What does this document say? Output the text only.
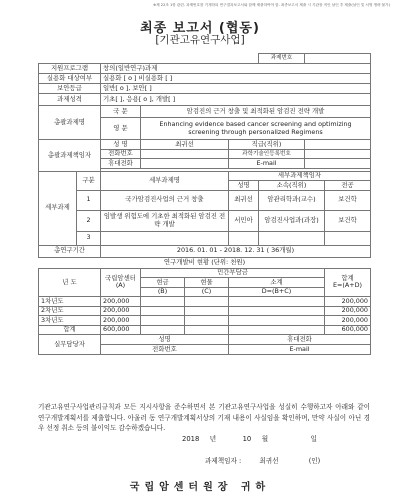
※제 22조 1항 관련. 과제번호를 기재하되 연구결과보고서와 함께 제출하여야 함. 최종보고서 제출 시 기관장 직인 날인 후 제출(날인 및 서명 생략 불가)
최종 보고서 (협동)
[기관고유연구사업]
						과제번호		
지원프로그램		창의(일반연구)과제						
실용화 대상여부		실용화 [ o ] 비실용화 [ ]						
보안등급		일반[ o ], 보안[ ]						
과제성격		기초[ ], 응용[ o ], 개발[ ]						
총괄과제명		국 문	암검진의 근거 창출 및 최적화된 암검진 전략 개발					
		영 문	Enhancing evidence based cancer screening and optimizing screening through personalized Regimens					
총괄과제책임자		성 명	최귀선		직급(직위)			
		전화번호			과학기술인등록번호			
		휴대전화			E-mail			

세부과제	구분	세부과제명			세부과제책임자			
					성명	소속(직위)		전공
	1	국가암검진사업의 근거 창출			최귀선	암관리학과(교수)		보건학
	2	임발생 위험도에 기초한 최적화된 암검진 전략 개발			서민아	암검진사업과(과장)		보건학
	3							
총연구기간		2016. 01. 01 - 2018. 12. 31 ( 36개월)						
연구개발비 현황 (단위: 천원)								
년 도		국립암센터
(A)	민간부담금					합계
E=(A+D)
			현금	현물	소계			
			(B)	(C)	D=(B+C)			
1차년도		200,000						200,000
2차년도		200,000						200,000
3차년도		200,000						200,000
합계		600,000						600,000
실무담당자		성명			휴대전화			
		전화번호			E-mail			
기관고유연구사업관리규칙과 모든 지시사항을 준수하면서 본 기관고유연구사업을 성실히 수행하고자 아래와 같이 연구개발계획서를 제출합니다. 아울러 동 연구개발계획서상의 기재 내용이 사실임을 확인하며, 만약 사실이 아닌 경우 선정 취소 등의 불이익도 감수하겠습니다.
2018 년	10 월	일
과제책임자 :	최귀선	(인)
국립암센터원장 귀하
